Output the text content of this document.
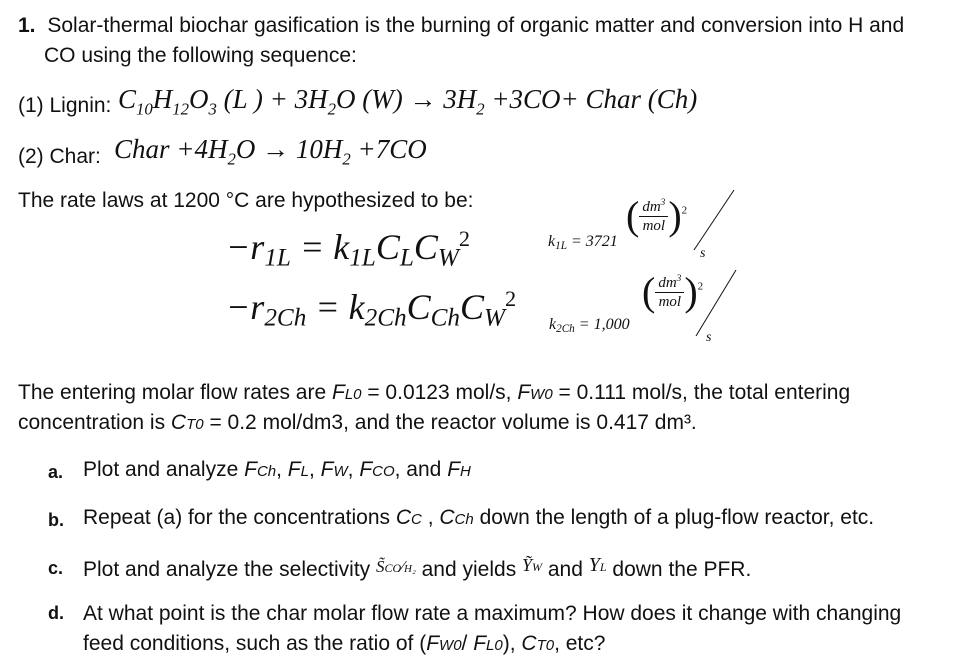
1. Solar-thermal biochar gasification is the burning of organic matter and conversion into H and
CO using the following sequence:
(1) Lignin: $C_{10}H_{12}O_3$ (L ) + $3H_2O$ $(W) \to 3H_2 +3CO+$ Char (Ch)
(2) Char: Char $+4H_2O \to 10H_2 +7CO$
The rate laws at 1200 °C are hypothesized to be:
$-r1L = k1LCLCW^2$	k1L = 3721
( $\frac{dm^3}{\text{mol}} )^2$
s
−r2Ch = k2ChCChCW$^2$
k2Ch = 1,000
( $\frac{dm^3}{\text{mol}} )^2$
s
The entering molar flow rates are FL0 = 0.0123 mol/s, FW0 = 0.111 mol/s, the total entering
concentration is CT0 = 0.2 mol/dm3, and the reactor volume is 0.417 dm³.
a. Plot and analyze FCh, FL, FW, FCO, and FH
b. Repeat (a) for the concentrations CC , CCh down the length of a plug-flow reactor, etc.
c. Plot and analyze the selectivity S̃CO⁄H₂ and yields ỸW and YL down the PFR.
d. At what point is the char molar flow rate a maximum? How does it change with changing
feed conditions, such as the ratio of (FW0/ FL0), CT0, etc?
